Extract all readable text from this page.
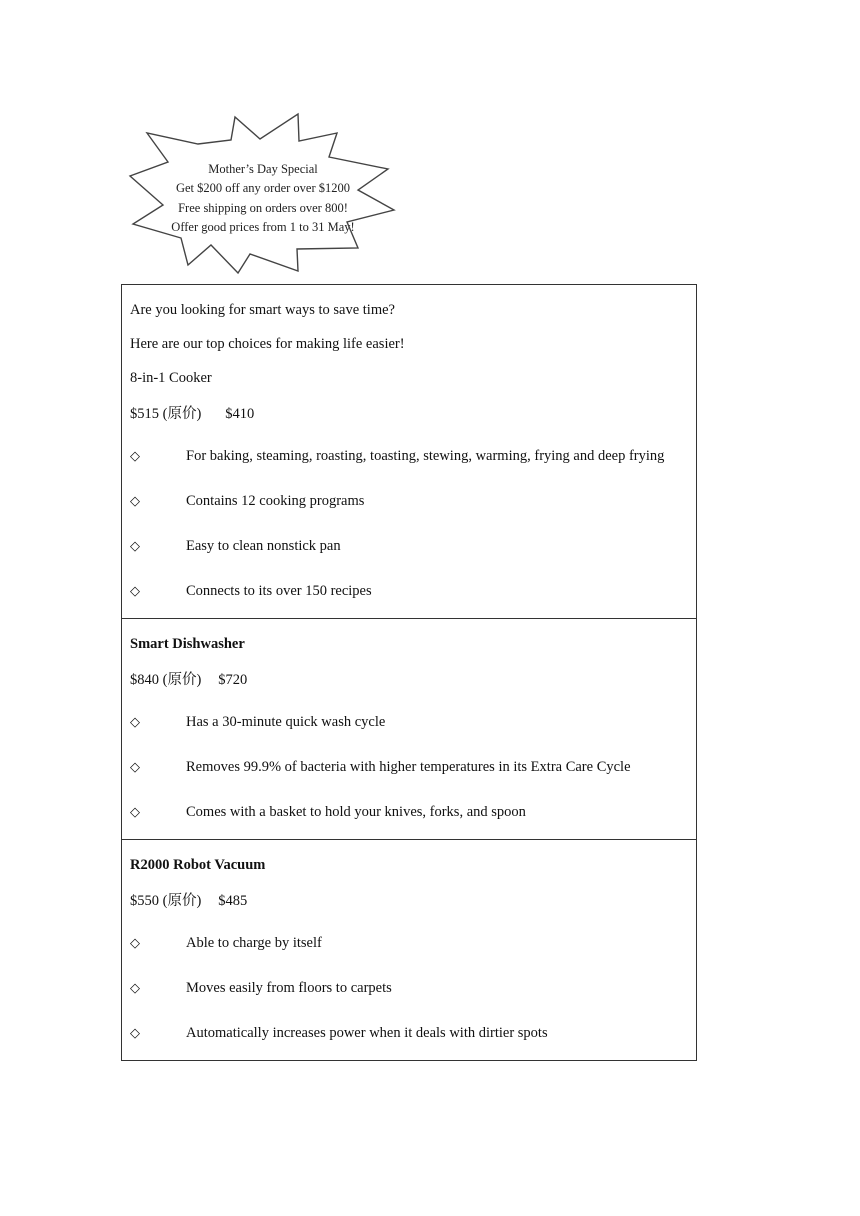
Mother’s Day Special
Get $200 off any order over $1200
Free shipping on orders over 800!
Offer good prices from 1 to 31 May!
Are you looking for smart ways to save time?
Here are our top choices for making life easier!
8-in-1 Cooker
$515 (原价) $410
◇	For baking, steaming, roasting, toasting, stewing, warming, frying and deep frying
◇	Contains 12 cooking programs
◇	Easy to clean nonstick pan
◇	Connects to its over 150 recipes

Smart Dishwasher
$840 (原价) $720
◇	Has a 30-minute quick wash cycle
◇	Removes 99.9% of bacteria with higher temperatures in its Extra Care Cycle
◇	Comes with a basket to hold your knives, forks, and spoon

R2000 Robot Vacuum
$550 (原价) $485
◇	Able to charge by itself
◇	Moves easily from floors to carpets
◇	Automatically increases power when it deals with dirtier spots
